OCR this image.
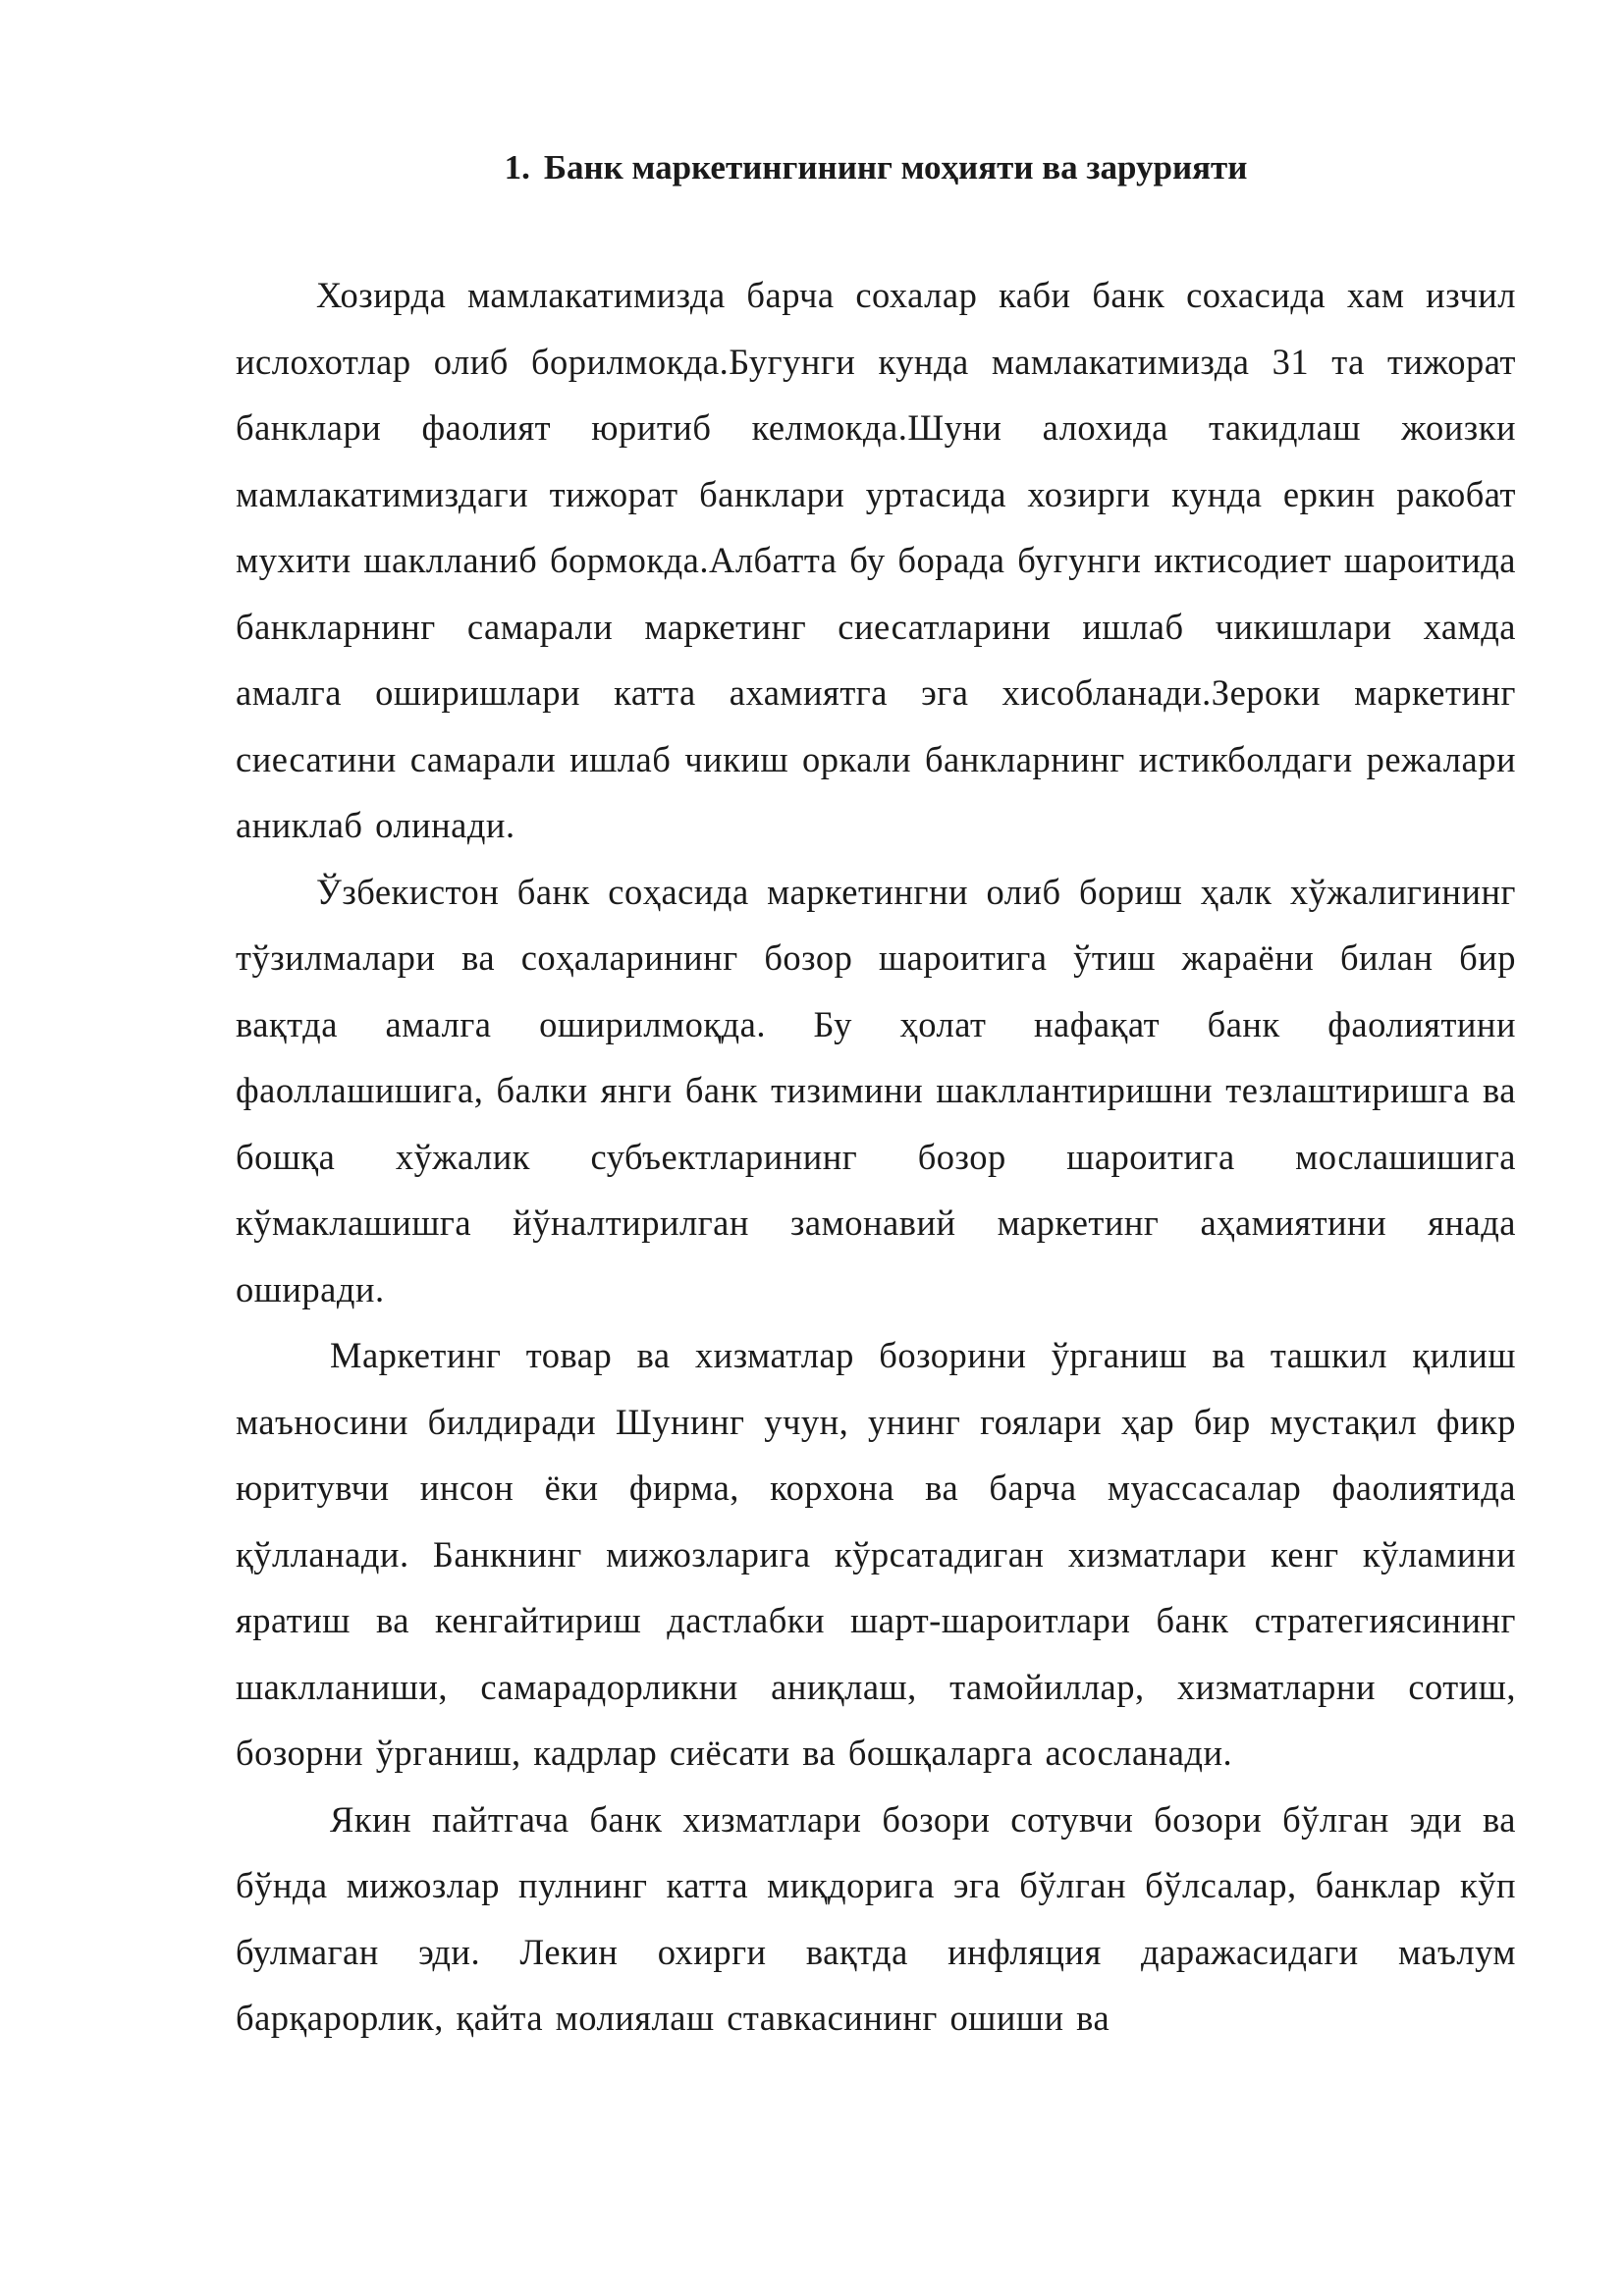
1. Банк маркетингининг моҳияти ва зарурияти

Хозирда мамлакатимизда барча сохалар каби банк сохасида хам изчил ислохотлар олиб борилмокда.Бугунги кунда мамлакатимизда 31 та тижорат банклари фаолият юритиб келмокда.Шуни алохида такидлаш жоизки мамлакатимиздаги тижорат банклари уртасида хозирги кунда еркин ракобат мухити шаклланиб бормокда.Албатта бу борада бугунги иктисодиет шароитида банкларнинг самарали маркетинг сиесатларини ишлаб чикишлари хамда амалга оширишлари катта ахамиятга эга хисобланади.Зероки маркетинг сиесатини самарали ишлаб чикиш оркали банкларнинг истикболдаги режалари аниклаб олинади.

Ўзбекистон банк соҳасида маркетингни олиб бориш ҳалк хўжалигининг тўзилмалари ва соҳаларининг бозор шароитига ўтиш жараёни билан бир вақтда амалга оширилмоқда. Бу ҳолат нафақат банк фаолиятини фаоллашишига, балки янги банк тизимини шакллантиришни тезлаштиришга ва бошқа хўжалик субъектларининг бозор шароитига мослашишига кўмаклашишга йўналтирилган замонавий маркетинг аҳамиятини янада оширади.

Маркетинг товар ва хизматлар бозорини ўрганиш ва ташкил қилиш маъносини билдиради Шунинг учун, унинг гоялари ҳар бир мустақил фикр юритувчи инсон ёки фирма, корхона ва барча муассасалар фаолиятида қўлланади. Банкнинг мижозларига кўрсатадиган хизматлари кенг кўламини яратиш ва кенгайтириш дастлабки шарт-шароитлари банк стратегиясининг шаклланиши, самарадорликни аниқлаш, тамойиллар, хизматларни сотиш, бозорни ўрганиш, кадрлар сиёсати ва бошқаларга асосланади.

Якин пайтгача банк хизматлари бозори сотувчи бозори бўлган эди ва бўнда мижозлар пулнинг катта миқдорига эга бўлган бўлсалар, банклар кўп булмаган эди. Лекин охирги вақтда инфляция даражасидаги маълум барқарорлик, қайта молиялаш ставкасининг ошиши ва
